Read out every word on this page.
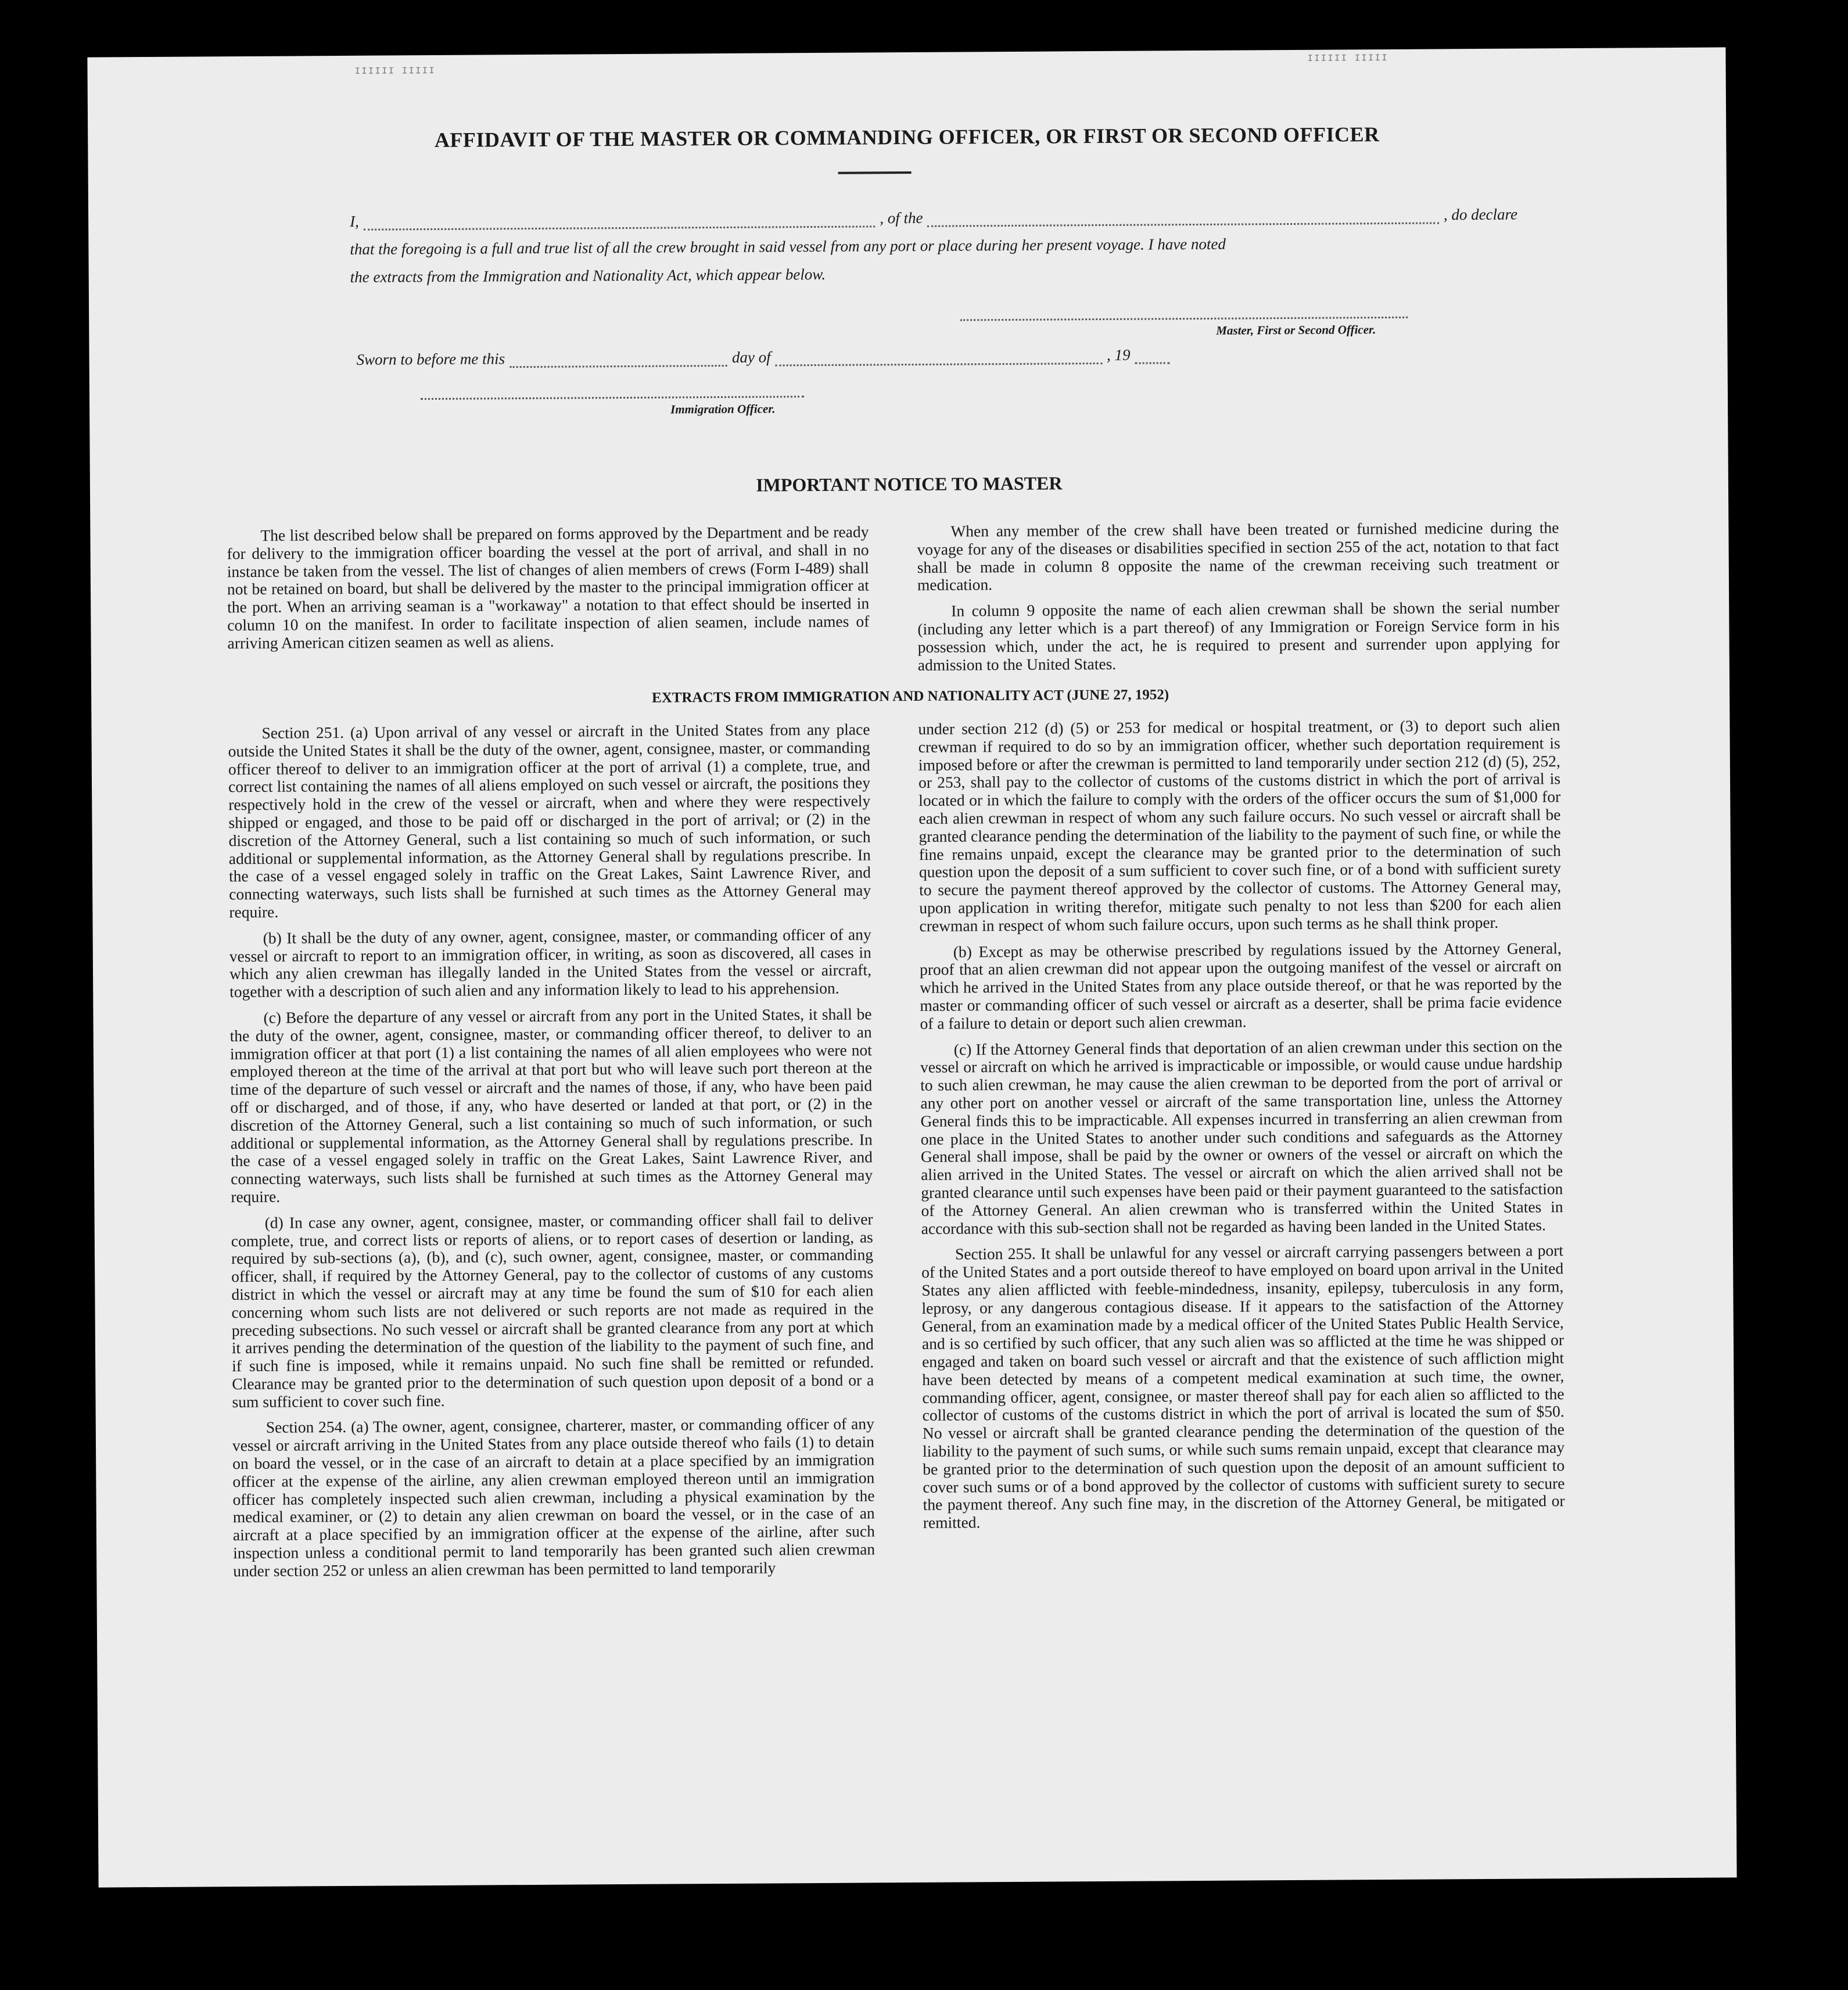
IIIIII IIIII
IIIIII IIIII
AFFIDAVIT OF THE MASTER OR COMMANDING OFFICER, OR FIRST OR SECOND OFFICER
I,	, of the	, do declare
that the foregoing is a full and true list of all the crew brought in said vessel from any port or place during her present voyage. I have noted
the extracts from the Immigration and Nationality Act, which appear below.
Master, First or Second Officer.
Sworn to before me this	day of	, 19
Immigration Officer.
IMPORTANT NOTICE TO MASTER

The list described below shall be prepared on forms approved by the Department and be ready for delivery to the immigration officer boarding the vessel at the port of arrival, and shall in no instance be taken from the vessel. The list of changes of alien members of crews (Form I-489) shall not be retained on board, but shall be delivered by the master to the principal immigration officer at the port. When an arriving seaman is a "workaway" a notation to that effect should be inserted in column 10 on the manifest. In order to facilitate inspection of alien seamen, include names of arriving American citizen seamen as well as aliens.

When any member of the crew shall have been treated or furnished medicine during the voyage for any of the diseases or disabilities specified in section 255 of the act, notation to that fact shall be made in column 8 opposite the name of the crewman receiving such treatment or medication.

In column 9 opposite the name of each alien crewman shall be shown the serial number (including any letter which is a part thereof) of any Immigration or Foreign Service form in his possession which, under the act, he is required to present and surrender upon applying for admission to the United States.

EXTRACTS FROM IMMIGRATION AND NATIONALITY ACT (JUNE 27, 1952)

Section 251. (a) Upon arrival of any vessel or aircraft in the United States from any place outside the United States it shall be the duty of the owner, agent, consignee, master, or commanding officer thereof to deliver to an immigration officer at the port of arrival (1) a complete, true, and correct list containing the names of all aliens employed on such vessel or aircraft, the positions they respectively hold in the crew of the vessel or aircraft, when and where they were respectively shipped or engaged, and those to be paid off or discharged in the port of arrival; or (2) in the discretion of the Attorney General, such a list containing so much of such information, or such additional or supplemental information, as the Attorney General shall by regulations prescribe. In the case of a vessel engaged solely in traffic on the Great Lakes, Saint Lawrence River, and connecting waterways, such lists shall be furnished at such times as the Attorney General may require.

(b) It shall be the duty of any owner, agent, consignee, master, or commanding officer of any vessel or aircraft to report to an immigration officer, in writing, as soon as discovered, all cases in which any alien crewman has illegally landed in the United States from the vessel or aircraft, together with a description of such alien and any information likely to lead to his apprehension.

(c) Before the departure of any vessel or aircraft from any port in the United States, it shall be the duty of the owner, agent, consignee, master, or commanding officer thereof, to deliver to an immigration officer at that port (1) a list containing the names of all alien employees who were not employed thereon at the time of the arrival at that port but who will leave such port thereon at the time of the departure of such vessel or aircraft and the names of those, if any, who have been paid off or discharged, and of those, if any, who have deserted or landed at that port, or (2) in the discretion of the Attorney General, such a list containing so much of such information, or such additional or supplemental information, as the Attorney General shall by regulations prescribe. In the case of a vessel engaged solely in traffic on the Great Lakes, Saint Lawrence River, and connecting waterways, such lists shall be furnished at such times as the Attorney General may require.

(d) In case any owner, agent, consignee, master, or commanding officer shall fail to deliver complete, true, and correct lists or reports of aliens, or to report cases of desertion or landing, as required by sub-sections (a), (b), and (c), such owner, agent, consignee, master, or commanding officer, shall, if required by the Attorney General, pay to the collector of customs of any customs district in which the vessel or aircraft may at any time be found the sum of $10 for each alien concerning whom such lists are not delivered or such reports are not made as required in the preceding subsections. No such vessel or aircraft shall be granted clearance from any port at which it arrives pending the determination of the question of the liability to the payment of such fine, and if such fine is imposed, while it remains unpaid. No such fine shall be remitted or refunded. Clearance may be granted prior to the determination of such question upon deposit of a bond or a sum sufficient to cover such fine.

Section 254. (a) The owner, agent, consignee, charterer, master, or commanding officer of any vessel or aircraft arriving in the United States from any place outside thereof who fails (1) to detain on board the vessel, or in the case of an aircraft to detain at a place specified by an immigration officer at the expense of the airline, any alien crewman employed thereon until an immigration officer has completely inspected such alien crewman, including a physical examination by the medical examiner, or (2) to detain any alien crewman on board the vessel, or in the case of an aircraft at a place specified by an immigration officer at the expense of the airline, after such inspection unless a conditional permit to land temporarily has been granted such alien crewman under section 252 or unless an alien crewman has been permitted to land temporarily

under section 212 (d) (5) or 253 for medical or hospital treatment, or (3) to deport such alien crewman if required to do so by an immigration officer, whether such deportation requirement is imposed before or after the crewman is permitted to land temporarily under section 212 (d) (5), 252, or 253, shall pay to the collector of customs of the customs district in which the port of arrival is located or in which the failure to comply with the orders of the officer occurs the sum of $1,000 for each alien crewman in respect of whom any such failure occurs. No such vessel or aircraft shall be granted clearance pending the determination of the liability to the payment of such fine, or while the fine remains unpaid, except the clearance may be granted prior to the determination of such question upon the deposit of a sum sufficient to cover such fine, or of a bond with sufficient surety to secure the payment thereof approved by the collector of customs. The Attorney General may, upon application in writing therefor, mitigate such penalty to not less than $200 for each alien crewman in respect of whom such failure occurs, upon such terms as he shall think proper.

(b) Except as may be otherwise prescribed by regulations issued by the Attorney General, proof that an alien crewman did not appear upon the outgoing manifest of the vessel or aircraft on which he arrived in the United States from any place outside thereof, or that he was reported by the master or commanding officer of such vessel or aircraft as a deserter, shall be prima facie evidence of a failure to detain or deport such alien crewman.

(c) If the Attorney General finds that deportation of an alien crewman under this section on the vessel or aircraft on which he arrived is impracticable or impossible, or would cause undue hardship to such alien crewman, he may cause the alien crewman to be deported from the port of arrival or any other port on another vessel or aircraft of the same transportation line, unless the Attorney General finds this to be impracticable. All expenses incurred in transferring an alien crewman from one place in the United States to another under such conditions and safeguards as the Attorney General shall impose, shall be paid by the owner or owners of the vessel or aircraft on which the alien arrived in the United States. The vessel or aircraft on which the alien arrived shall not be granted clearance until such expenses have been paid or their payment guaranteed to the satisfaction of the Attorney General. An alien crewman who is transferred within the United States in accordance with this sub-section shall not be regarded as having been landed in the United States.

Section 255. It shall be unlawful for any vessel or aircraft carrying passengers between a port of the United States and a port outside thereof to have employed on board upon arrival in the United States any alien afflicted with feeble-mindedness, insanity, epilepsy, tuberculosis in any form, leprosy, or any dangerous contagious disease. If it appears to the satisfaction of the Attorney General, from an examination made by a medical officer of the United States Public Health Service, and is so certified by such officer, that any such alien was so afflicted at the time he was shipped or engaged and taken on board such vessel or aircraft and that the existence of such affliction might have been detected by means of a competent medical examination at such time, the owner, commanding officer, agent, consignee, or master thereof shall pay for each alien so afflicted to the collector of customs of the customs district in which the port of arrival is located the sum of $50. No vessel or aircraft shall be granted clearance pending the determination of the question of the liability to the payment of such sums, or while such sums remain unpaid, except that clearance may be granted prior to the determination of such question upon the deposit of an amount sufficient to cover such sums or of a bond approved by the collector of customs with sufficient surety to secure the payment thereof. Any such fine may, in the discretion of the Attorney General, be mitigated or remitted.
